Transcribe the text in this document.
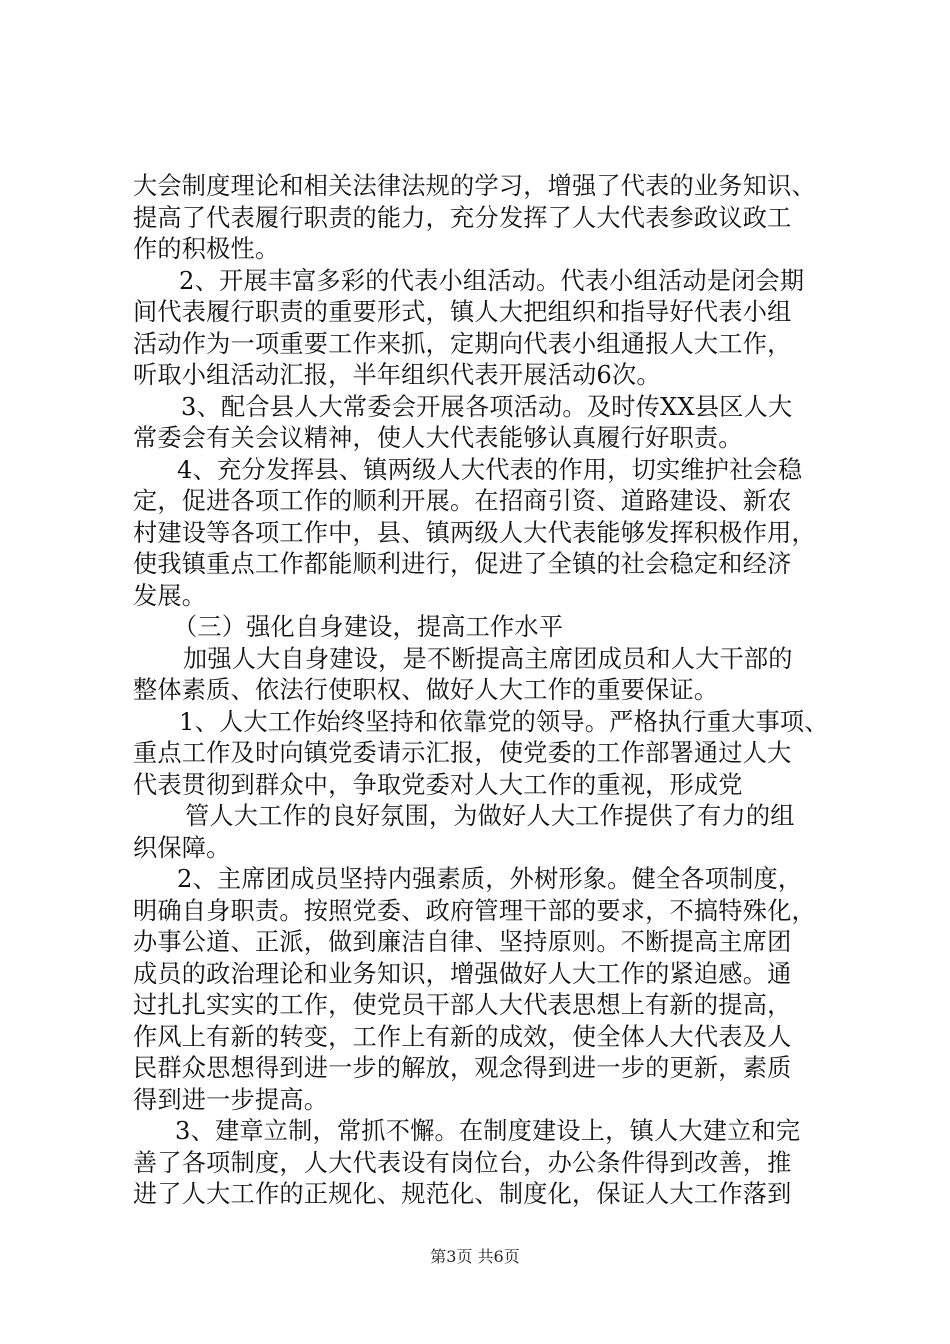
大会制度理论和相关法律法规的学习，增强了代表的业务知识、
提高了代表履行职责的能力，充分发挥了人大代表参政议政工
作的积极性。
2、开展丰富多彩的代表小组活动。代表小组活动是闭会期
间代表履行职责的重要形式，镇人大把组织和指导好代表小组
活动作为一项重要工作来抓，定期向代表小组通报人大工作，
听取小组活动汇报，半年组织代表开展活动6次。
3、配合县人大常委会开展各项活动。及时传XX县区人大
常委会有关会议精神，使人大代表能够认真履行好职责。
4、充分发挥县、镇两级人大代表的作用，切实维护社会稳
定，促进各项工作的顺利开展。在招商引资、道路建设、新农
村建设等各项工作中，县、镇两级人大代表能够发挥积极作用，
使我镇重点工作都能顺利进行，促进了全镇的社会稳定和经济
发展。
（三）强化自身建设，提高工作水平
加强人大自身建设，是不断提高主席团成员和人大干部的
整体素质、依法行使职权、做好人大工作的重要保证。
1、人大工作始终坚持和依靠党的领导。严格执行重大事项、
重点工作及时向镇党委请示汇报，使党委的工作部署通过人大
代表贯彻到群众中，争取党委对人大工作的重视，形成党
管人大工作的良好氛围，为做好人大工作提供了有力的组
织保障。
2、主席团成员坚持内强素质，外树形象。健全各项制度，
明确自身职责。按照党委、政府管理干部的要求，不搞特殊化，
办事公道、正派，做到廉洁自律、坚持原则。不断提高主席团
成员的政治理论和业务知识，增强做好人大工作的紧迫感。通
过扎扎实实的工作，使党员干部人大代表思想上有新的提高，
作风上有新的转变，工作上有新的成效，使全体人大代表及人
民群众思想得到进一步的解放，观念得到进一步的更新，素质
得到进一步提高。
3、建章立制，常抓不懈。在制度建设上，镇人大建立和完
善了各项制度，人大代表设有岗位台，办公条件得到改善，推
进了人大工作的正规化、规范化、制度化，保证人大工作落到
第3页 共6页
